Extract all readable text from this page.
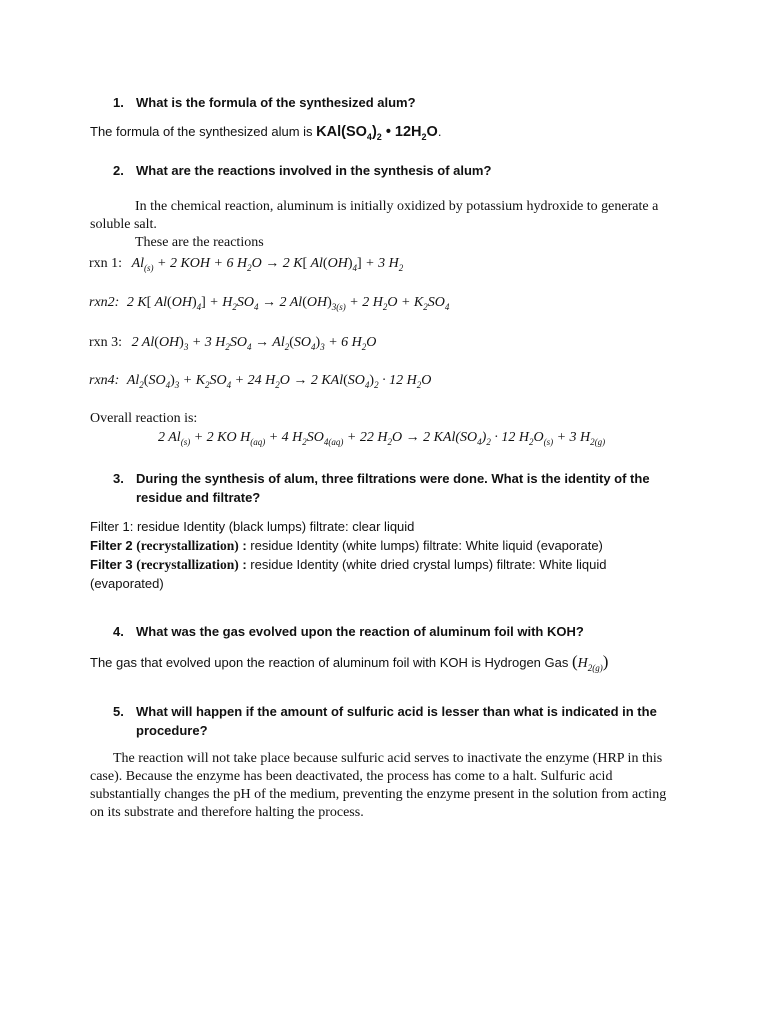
1. What is the formula of the synthesized alum?
The formula of the synthesized alum is $KAl(SO_4)_2$ • $12H_2O$.
2. What are the reactions involved in the synthesis of alum?
In the chemical reaction, aluminum is initially oxidized by potassium hydroxide to generate a soluble salt.
These are the reactions
rxn 1: $Al_{(s)} + 2$ KOH + 6 $H_2O \to 2$ K[ $Al(OH)_4] + 3$ $H_2$
rxn2: 2 K[ $Al(OH)_4] + H_2SO_4 \to 2$ $Al(OH)_{3(s)} + 2$ $H_2O + K_2SO_4$
rxn 3: 2 $Al(OH)_3 + 3$ $H_2SO_4 \to Al_2(SO_4)_3 + 6$ $H_2O$
rxn4: $Al_2(SO_4)_3 + K_2SO_4 + 24$ $H_2O \to 2$ $KAl(SO_4)_2 \cdot 12$ $H_2O$
Overall reaction is:
2 $Al_{(s)} + 2$ KO $H_{(aq)} + 4$ $H_2SO_{4(aq)} + 22$ $H_2O \to 2$ $KAl(SO_4)_2 \cdot 12$ $H_2O_{(s)} + 3$ $H_{2(g)}$
3. During the synthesis of alum, three filtrations were done. What is the identity of the residue and filtrate?
Filter 1: residue Identity (black lumps) filtrate: clear liquid
Filter 2 (recrystallization) : residue Identity (white lumps) filtrate: White liquid (evaporate)
Filter 3 (recrystallization) : residue Identity (white dried crystal lumps) filtrate: White liquid (evaporated)
4. What was the gas evolved upon the reaction of aluminum foil with KOH?
The gas that evolved upon the reaction of aluminum foil with KOH is Hydrogen Gas $(H_{2(g)})$
5. What will happen if the amount of sulfuric acid is lesser than what is indicated in the procedure?
The reaction will not take place because sulfuric acid serves to inactivate the enzyme (HRP in this case). Because the enzyme has been deactivated, the process has come to a halt. Sulfuric acid substantially changes the pH of the medium, preventing the enzyme present in the solution from acting on its substrate and therefore halting the process.
